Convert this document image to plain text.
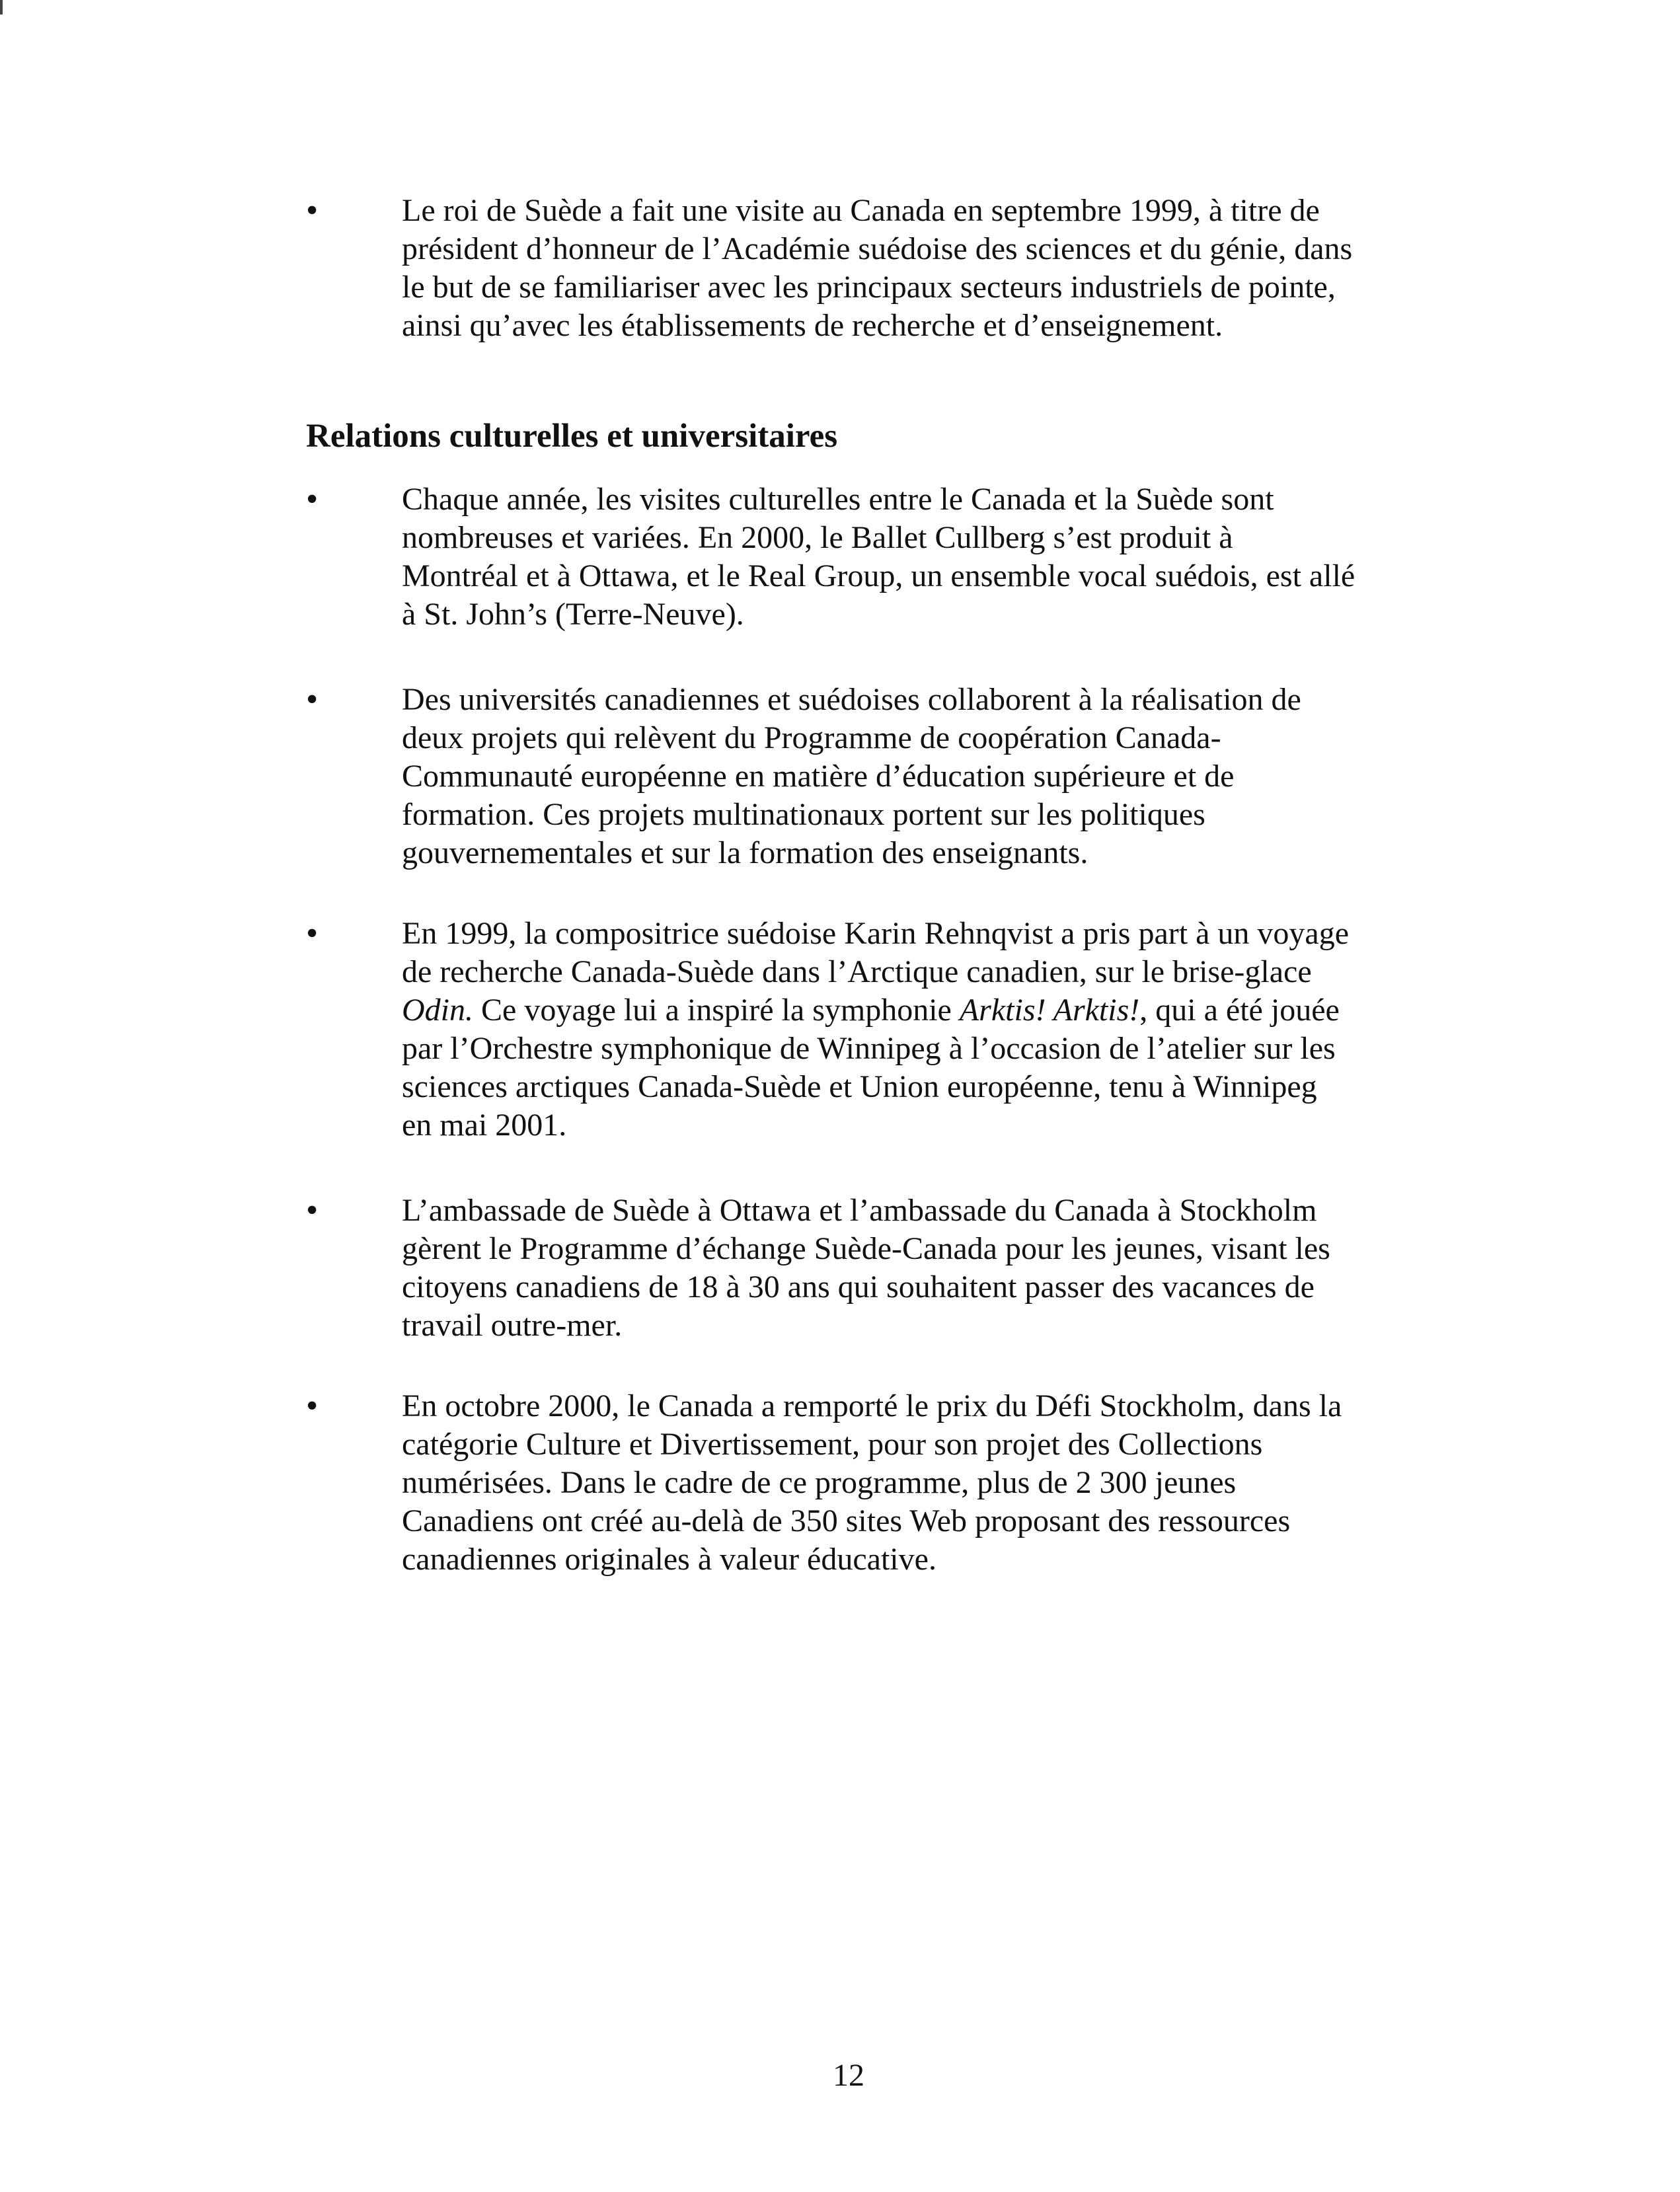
•	Le roi de Suède a fait une visite au Canada en septembre 1999, à titre de
président d’honneur de l’Académie suédoise des sciences et du génie, dans
le but de se familiariser avec les principaux secteurs industriels de pointe,
ainsi qu’avec les établissements de recherche et d’enseignement.

Relations culturelles et universitaires
•	Chaque année, les visites culturelles entre le Canada et la Suède sont
nombreuses et variées. En 2000, le Ballet Cullberg s’est produit à
Montréal et à Ottawa, et le Real Group, un ensemble vocal suédois, est allé
à St. John’s (Terre-Neuve).

•	Des universités canadiennes et suédoises collaborent à la réalisation de
deux projets qui relèvent du Programme de coopération Canada-
Communauté européenne en matière d’éducation supérieure et de
formation. Ces projets multinationaux portent sur les politiques
gouvernementales et sur la formation des enseignants.

•	En 1999, la compositrice suédoise Karin Rehnqvist a pris part à un voyage
de recherche Canada-Suède dans l’Arctique canadien, sur le brise-glace
Odin. Ce voyage lui a inspiré la symphonie Arktis! Arktis!, qui a été jouée
par l’Orchestre symphonique de Winnipeg à l’occasion de l’atelier sur les
sciences arctiques Canada-Suède et Union européenne, tenu à Winnipeg
en mai 2001.

•	L’ambassade de Suède à Ottawa et l’ambassade du Canada à Stockholm
gèrent le Programme d’échange Suède-Canada pour les jeunes, visant les
citoyens canadiens de 18 à 30 ans qui souhaitent passer des vacances de
travail outre-mer.

•	En octobre 2000, le Canada a remporté le prix du Défi Stockholm, dans la
catégorie Culture et Divertissement, pour son projet des Collections
numérisées. Dans le cadre de ce programme, plus de 2 300 jeunes
Canadiens ont créé au-delà de 350 sites Web proposant des ressources
canadiennes originales à valeur éducative.

12
